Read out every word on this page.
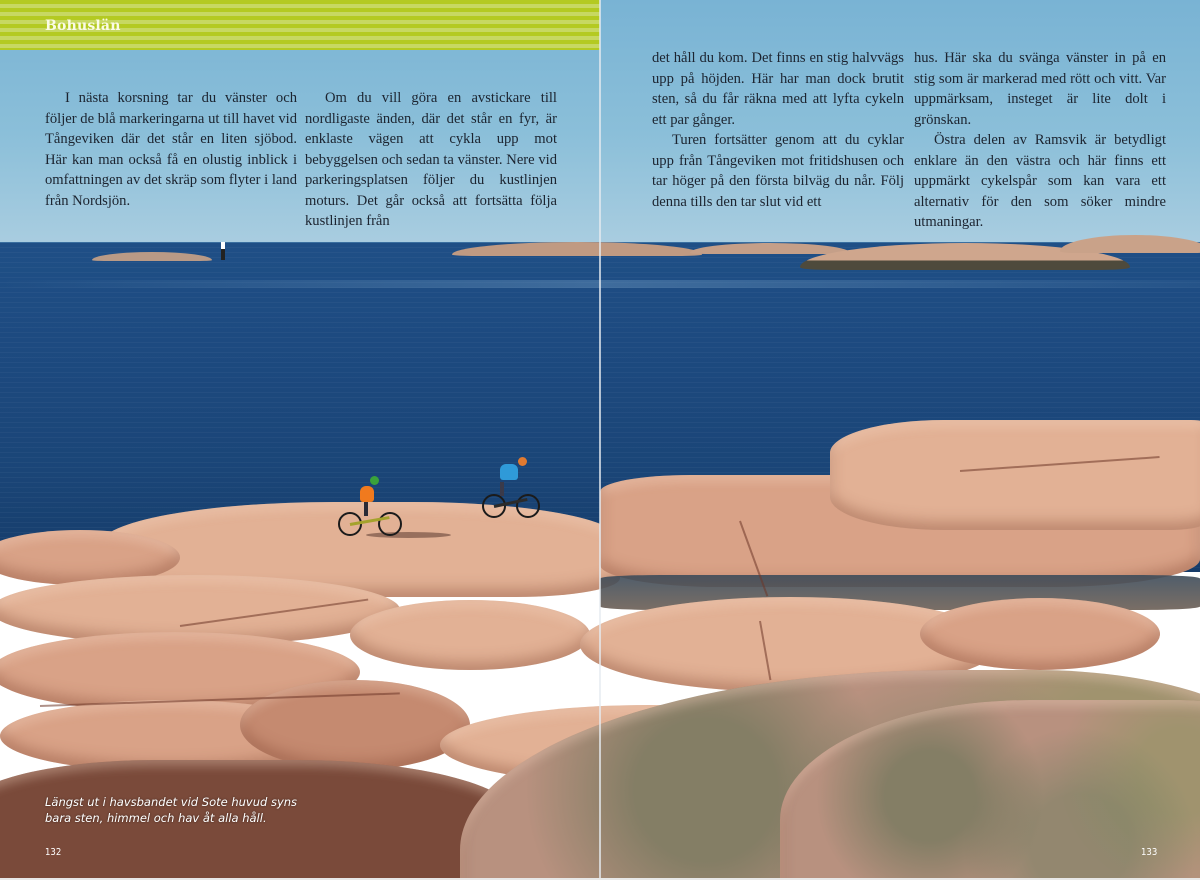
Bohuslän

I nästa korsning tar du vänster och följer de blå markeringarna ut till havet vid Tångeviken där det står en liten sjöbod. Här kan man också få en olustig inblick i omfattningen av det skräp som flyter i land från Nordsjön.

Om du vill göra en avstickare till nordligaste änden, där det står en fyr, är enklaste vägen att cykla upp mot bebyggelsen och sedan ta vänster. Nere vid parkeringsplatsen följer du kustlinjen moturs. Det går också att fortsätta följa kustlinjen från

det håll du kom. Det finns en stig halvvägs upp på höjden. Här har man dock brutit sten, så du får räkna med att lyfta cykeln ett par gånger.

Turen fortsätter genom att du cyklar upp från Tångeviken mot fritidshusen och tar höger på den första bilväg du når. Följ denna tills den tar slut vid ett

hus. Här ska du svänga vänster in på en stig som är markerad med rött och vitt. Var uppmärksam, insteget är lite dolt i grönskan.

Östra delen av Ramsvik är betydligt enklare än den västra och här finns ett uppmärkt cykelspår som kan vara ett alternativ för den som söker mindre utmaningar.

Längst ut i havsbandet vid Sote huvud syns bara sten, himmel och hav åt alla håll.
132	133
